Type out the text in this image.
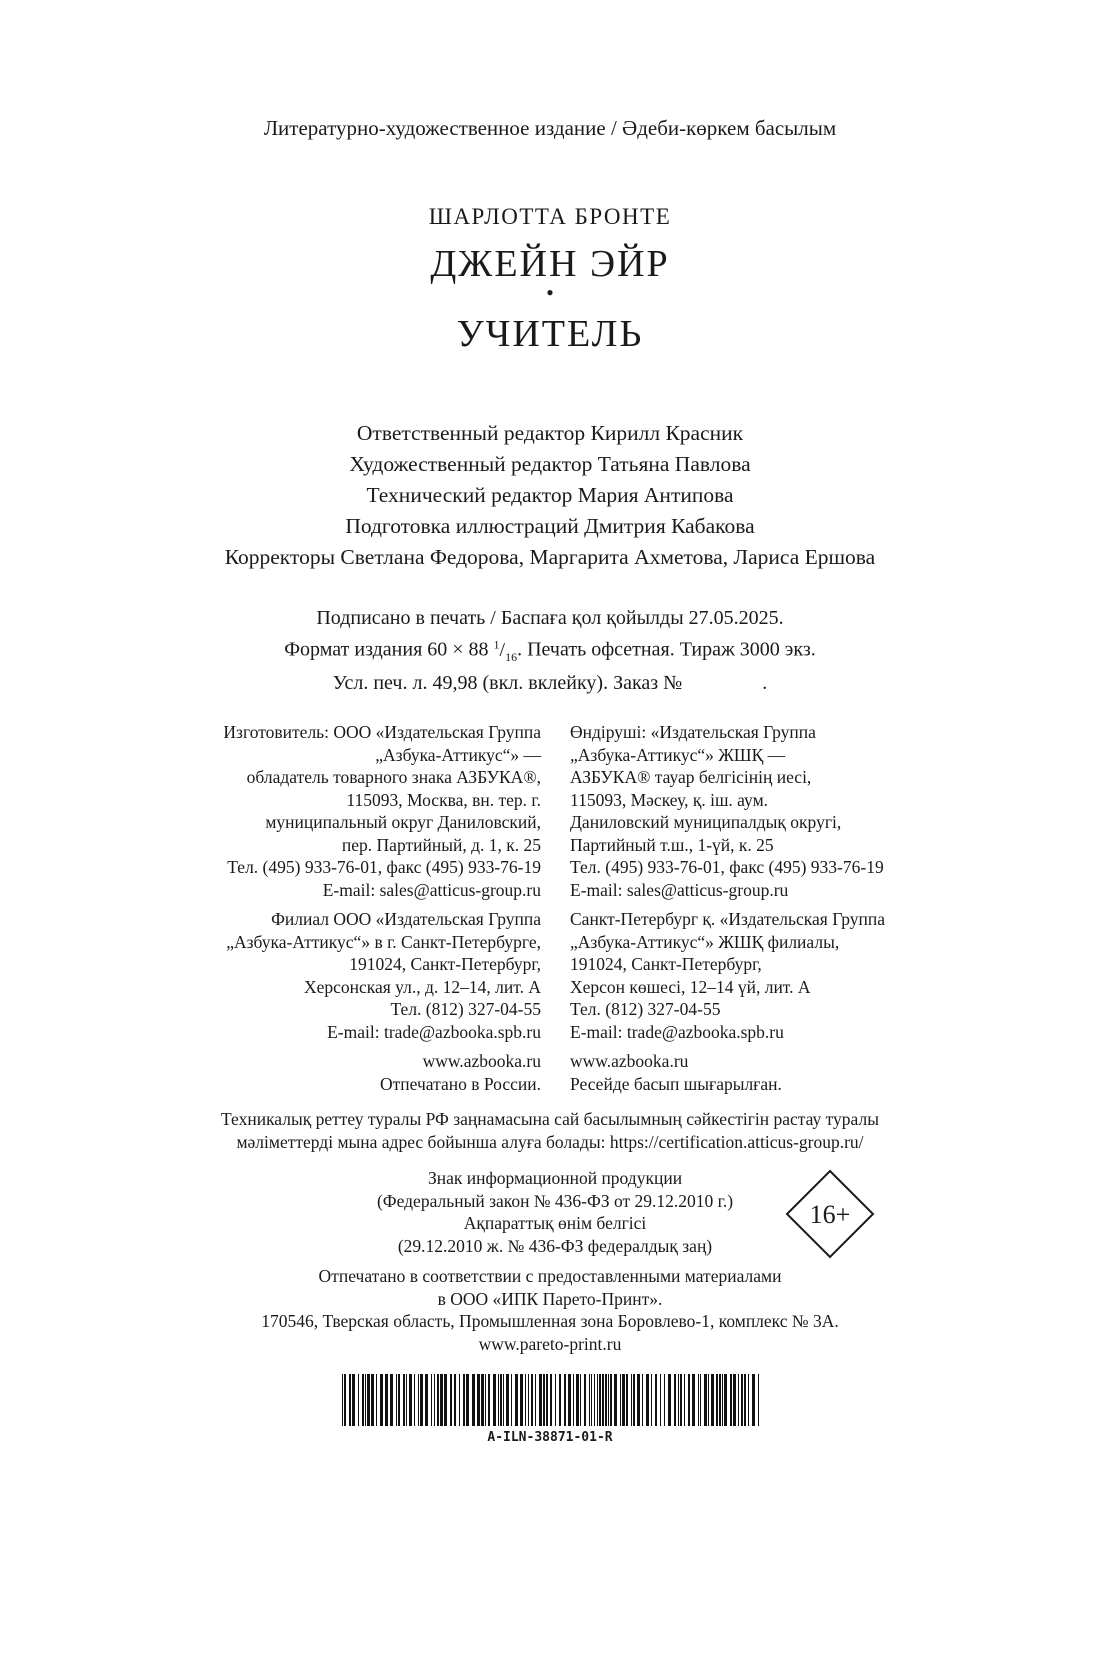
Литературно-художественное издание / Әдеби-көркем басылым
ШАРЛОТТА БРОНТЕ
ДЖЕЙН ЭЙР
•
УЧИТЕЛЬ
Ответственный редактор Кирилл Красник
Художественный редактор Татьяна Павлова
Технический редактор Мария Антипова
Подготовка иллюстраций Дмитрия Кабакова
Корректоры Светлана Федорова, Маргарита Ахметова, Лариса Ершова
Подписано в печать / Баспаға қол қойылды 27.05.2025.
Формат издания 60 × 88 $^1/_{16}$. Печать офсетная. Тираж 3000 экз.
Усл. печ. л. 49,98 (вкл. вклейку). Заказ №	.
Изготовитель: ООО «Издательская Группа
„Азбука-Аттикус“» —
обладатель товарного знака АЗБУКА®,
115093, Москва, вн. тер. г.
муниципальный округ Даниловский,
пер. Партийный, д. 1, к. 25
Тел. (495) 933-76-01, факс (495) 933-76-19
E-mail: sales@atticus-group.ru
Филиал ООО «Издательская Группа
„Азбука-Аттикус“» в г. Санкт-Петербурге,
191024, Санкт-Петербург,
Херсонская ул., д. 12–14, лит. А
Тел. (812) 327-04-55
E-mail: trade@azbooka.spb.ru
www.azbooka.ru
Отпечатано в России.
Өндіруші: «Издательская Группа
„Азбука-Аттикус“» ЖШҚ —
АЗБУКА® тауар белгісінің иесі,
115093, Мәскеу, қ. іш. аум.
Даниловский муниципалдық округі,
Партийный т.ш., 1-үй, к. 25
Тел. (495) 933-76-01, факс (495) 933-76-19
E-mail: sales@atticus-group.ru
Санкт-Петербург қ. «Издательская Группа
„Азбука-Аттикус“» ЖШҚ филиалы,
191024, Санкт-Петербург,
Херсон көшесі, 12–14 үй, лит. А
Тел. (812) 327-04-55
E-mail: trade@azbooka.spb.ru
www.azbooka.ru
Ресейде басып шығарылған.
Техникалық реттеу туралы РФ заңнамасына сай басылымның сәйкестігін растау туралы
мәліметтерді мына адрес бойынша алуға болады: https://certification.atticus-group.ru/
Знак информационной продукции
(Федеральный закон № 436-ФЗ от 29.12.2010 г.)
Ақпараттық өнім белгісі
(29.12.2010 ж. № 436-ФЗ федералдық заң)
16+
Отпечатано в соответствии с предоставленными материалами
в ООО «ИПК Парето-Принт».
170546, Тверская область, Промышленная зона Боровлево-1, комплекс № 3А.
www.pareto-print.ru
A-ILN-38871-01-R
